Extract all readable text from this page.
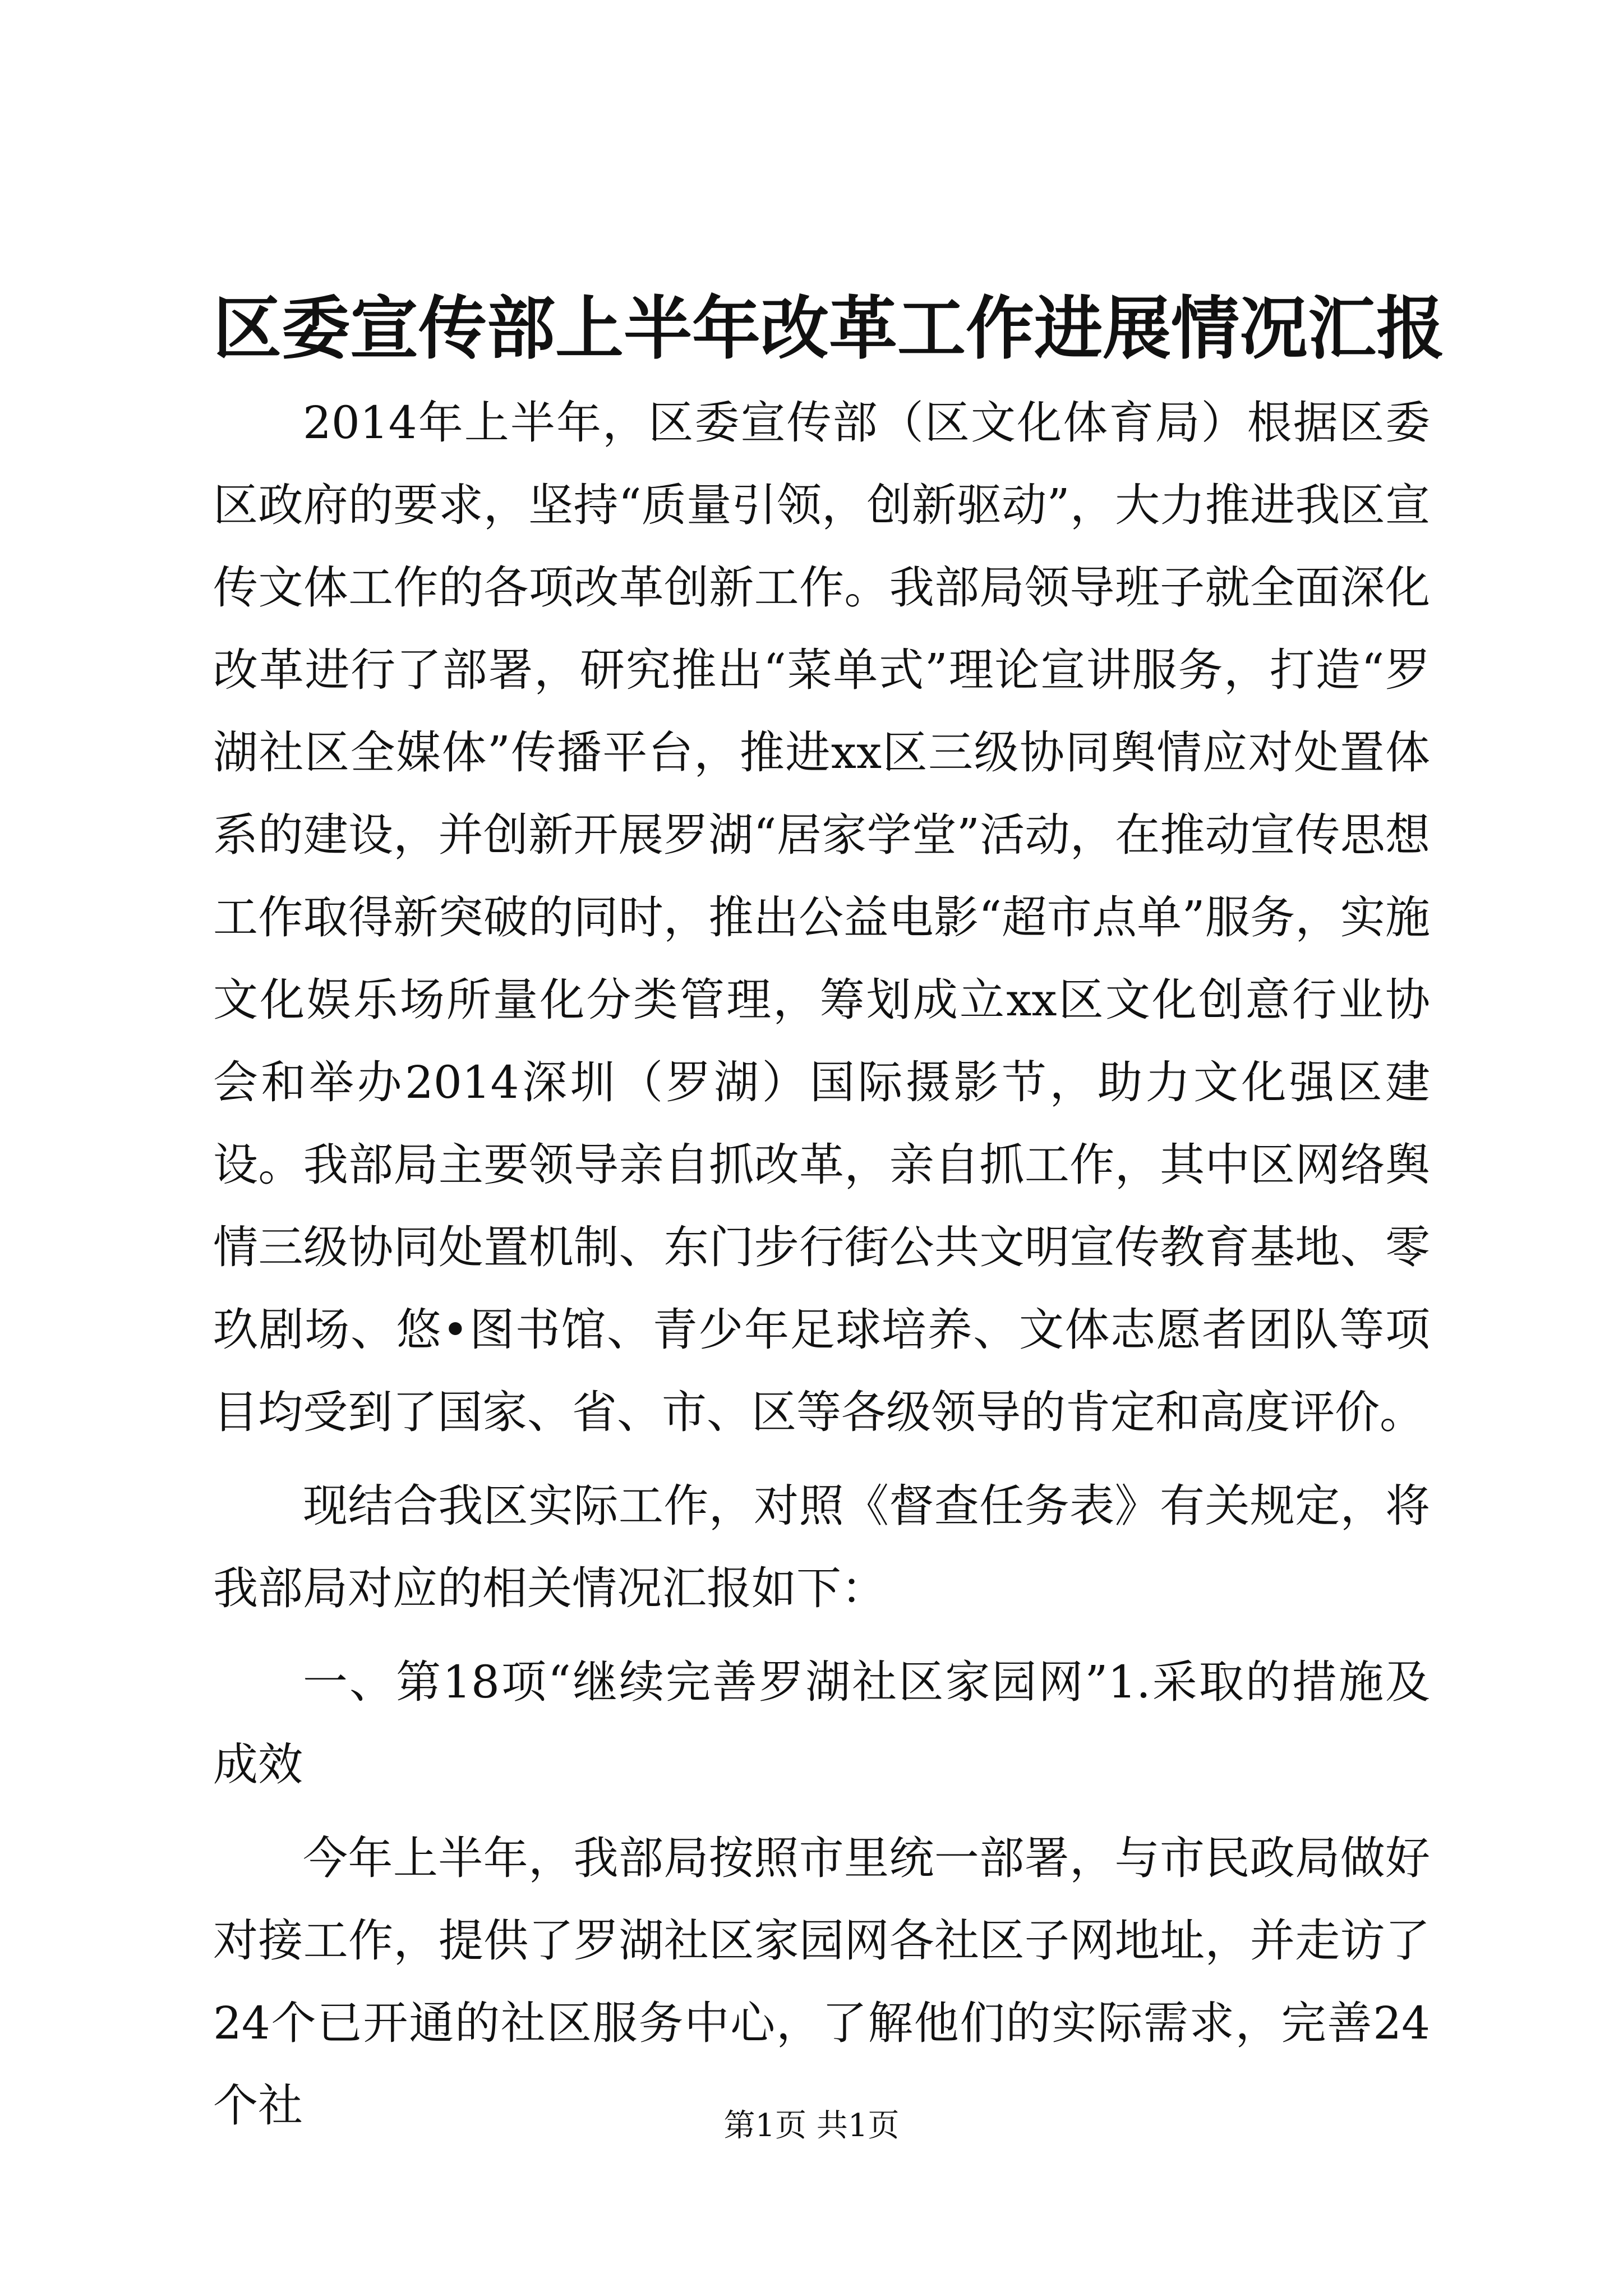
区委宣传部上半年改革工作进展情况汇报

2014年上半年，区委宣传部（区文化体育局）根据区委区政府的要求，坚持“质量引领，创新驱动”，大力推进我区宣传文体工作的各项改革创新工作。我部局领导班子就全面深化改革进行了部署，研究推出“菜单式”理论宣讲服务，打造“罗湖社区全媒体”传播平台，推进xx区三级协同舆情应对处置体系的建设，并创新开展罗湖“居家学堂”活动，在推动宣传思想工作取得新突破的同时，推出公益电影“超市点单”服务，实施文化娱乐场所量化分类管理，筹划成立xx区文化创意行业协会和举办2014深圳（罗湖）国际摄影节，助力文化强区建设。我部局主要领导亲自抓改革，亲自抓工作，其中区网络舆情三级协同处置机制、东门步行街公共文明宣传教育基地、零玖剧场、悠•图书馆、青少年足球培养、文体志愿者团队等项目均受到了国家、省、市、区等各级领导的肯定和高度评价。

现结合我区实际工作，对照《督查任务表》有关规定，将我部局对应的相关情况汇报如下：

一、第18项“继续完善罗湖社区家园网”1.采取的措施及成效

今年上半年，我部局按照市里统一部署，与市民政局做好对接工作，提供了罗湖社区家园网各社区子网地址，并走访了24个已开通的社区服务中心，了解他们的实际需求，完善24个社	第1页 共1页
